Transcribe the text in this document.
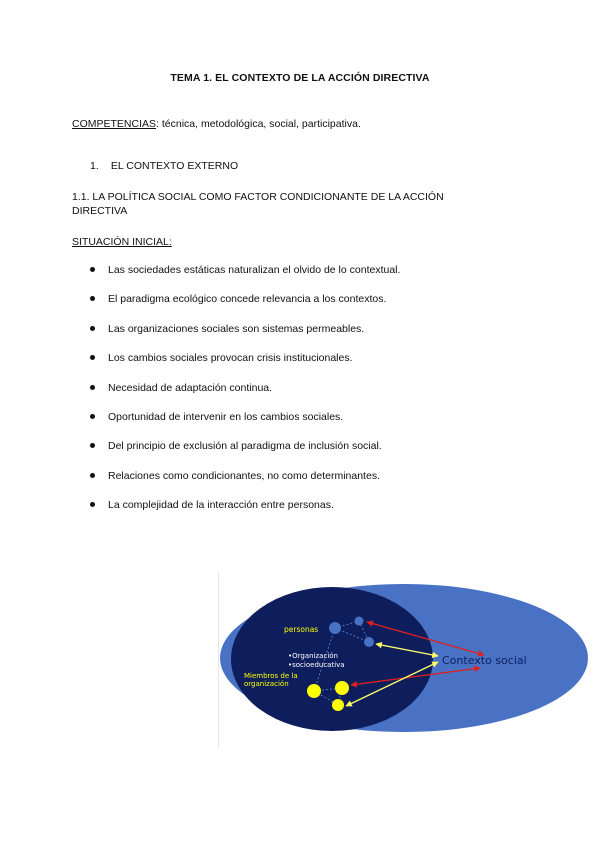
TEMA 1. EL CONTEXTO DE LA ACCIÓN DIRECTIVA
COMPETENCIAS: técnica, metodológica, social, participativa.
1. EL CONTEXTO EXTERNO
1.1. LA POLÍTICA SOCIAL COMO FACTOR CONDICIONANTE DE LA ACCIÓN DIRECTIVA
SITUACIÓN INICIAL:
Las sociedades estáticas naturalizan el olvido de lo contextual.
El paradigma ecológico concede relevancia a los contextos.
Las organizaciones sociales son sistemas permeables.
Los cambios sociales provocan crisis institucionales.
Necesidad de adaptación continua.
Oportunidad de intervenir en los cambios sociales.
Del principio de exclusión al paradigma de inclusión social.
Relaciones como condicionantes, no como determinantes.
La complejidad de la interacción entre personas.
personas
•Organización
•socioeducativa
Miembros de la
organización
Contexto social
